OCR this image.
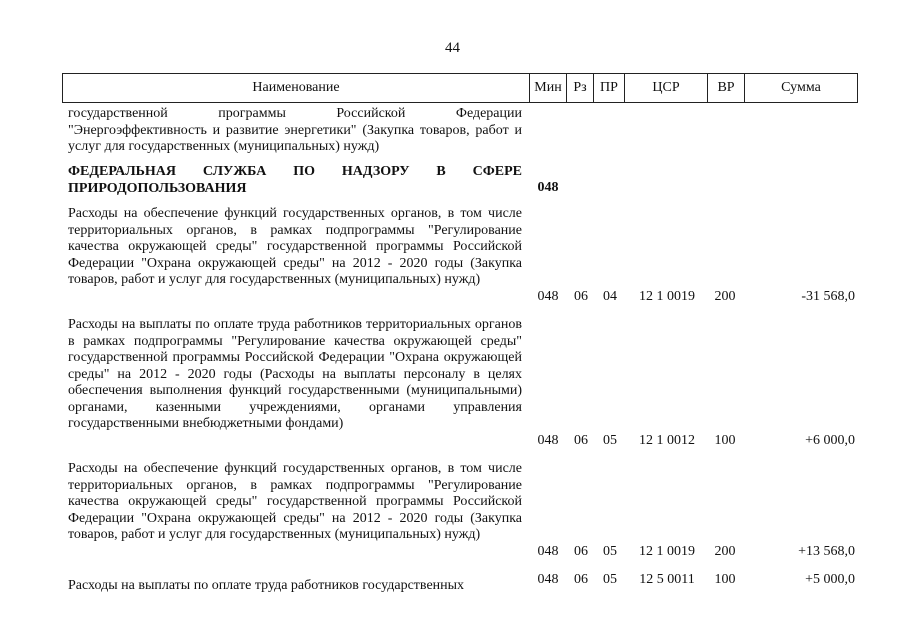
44
Наименование	Мин	Рз	ПР	ЦСР	ВР	Сумма
государственной программы Российской Федерации "Энергоэффективность и развитие энергетики" (Закупка товаров, работ и услуг для государственных (муниципальных) нужд)
ФЕДЕРАЛЬНАЯ СЛУЖБА ПО НАДЗОРУ В СФЕРЕ ПРИРОДОПОЛЬЗОВАНИЯ	048
Расходы на обеспечение функций государственных органов, в том числе территориальных органов, в рамках подпрограммы "Регулирование качества окружающей среды" государственной программы Российской Федерации "Охрана окружающей среды" на 2012 - 2020 годы (Закупка товаров, работ и услуг для государственных (муниципальных) нужд)
048	06	04	12 1 0019	200	-31 568,0
Расходы на выплаты по оплате труда работников территориальных органов в рамках подпрограммы "Регулирование качества окружающей среды" государственной программы Российской Федерации "Охрана окружающей среды" на 2012 - 2020 годы (Расходы на выплаты персоналу в целях обеспечения выполнения функций государственными (муниципальными) органами, казенными учреждениями, органами управления государственными внебюджетными фондами)
048	06	05	12 1 0012	100	+6 000,0
Расходы на обеспечение функций государственных органов, в том числе территориальных органов, в рамках подпрограммы "Регулирование качества окружающей среды" государственной программы Российской Федерации "Охрана окружающей среды" на 2012 - 2020 годы (Закупка товаров, работ и услуг для государственных (муниципальных) нужд)
048	06	05	12 1 0019	200	+13 568,0
Расходы на выплаты по оплате труда работников государственных	048	06	05	12 5 0011	100	+5 000,0
